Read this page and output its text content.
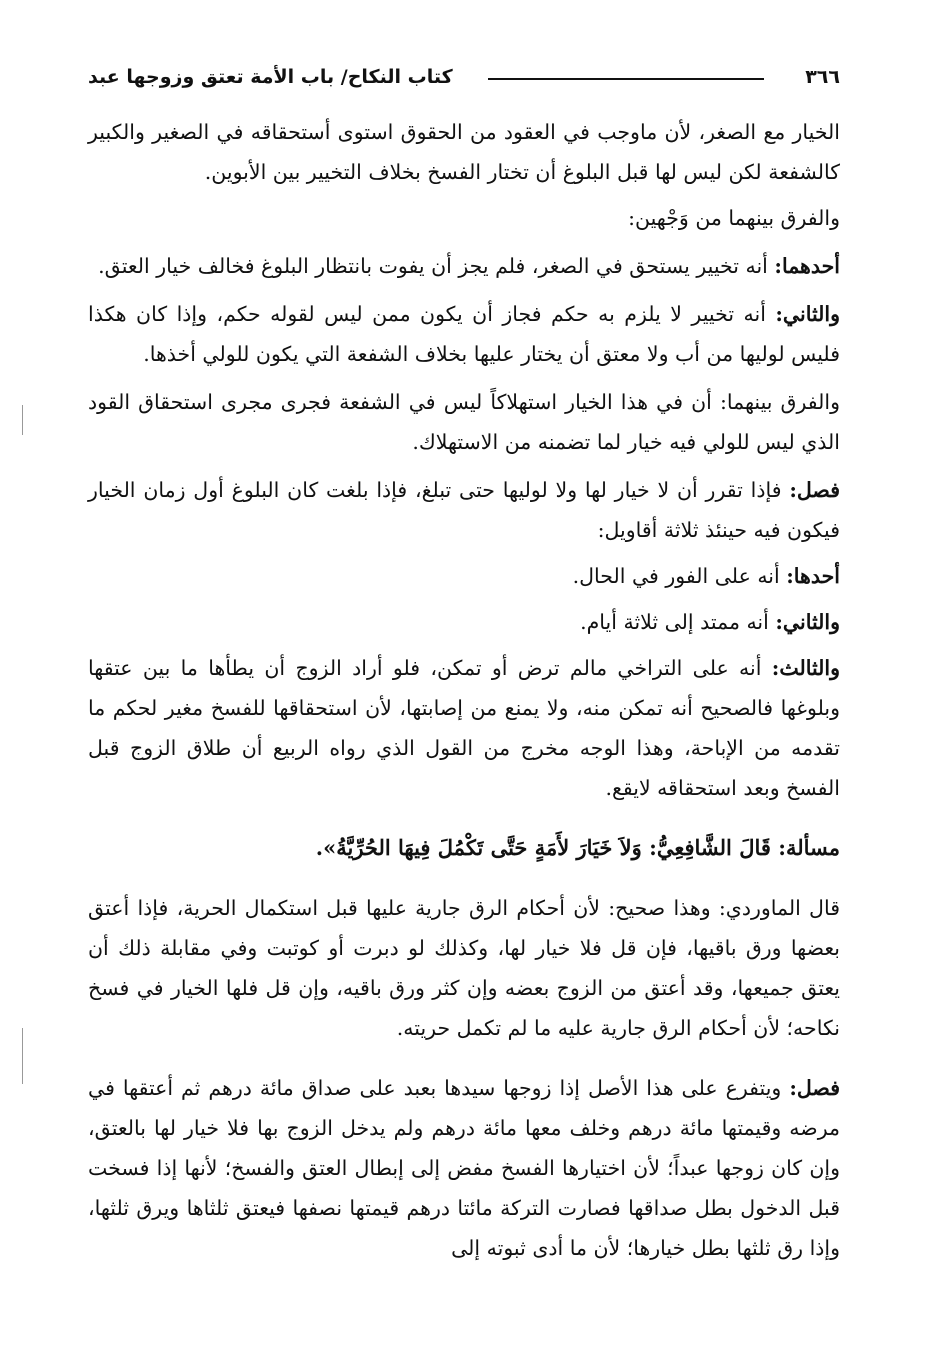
٣٦٦
كتاب النكاح/ باب الأمة تعتق وزوجها عبد

الخيار مع الصغر، لأن ماوجب في العقود من الحقوق استوى أستحقاقه في الصغير والكبير كالشفعة لكن ليس لها قبل البلوغ أن تختار الفسخ بخلاف التخيير بين الأبوين.

والفرق بينهما من وَجْهين:

أحدهما: أنه تخيير يستحق في الصغر، فلم يجز أن يفوت بانتظار البلوغ فخالف خيار العتق.

والثاني: أنه تخيير لا يلزم به حكم فجاز أن يكون ممن ليس لقوله حكم، وإذا كان هكذا فليس لوليها من أب ولا معتق أن يختار عليها بخلاف الشفعة التي يكون للولي أخذها.

والفرق بينهما: أن في هذا الخيار استهلاكاً ليس في الشفعة فجرى مجرى استحقاق القود الذي ليس للولي فيه خيار لما تضمنه من الاستهلاك.

فصل: فإذا تقرر أن لا خيار لها ولا لوليها حتى تبلغ، فإذا بلغت كان البلوغ أول زمان الخيار فيكون فيه حينئذ ثلاثة أقاويل:

أحدها: أنه على الفور في الحال.

والثاني: أنه ممتد إلى ثلاثة أيام.

والثالث: أنه على التراخي مالم ترض أو تمكن، فلو أراد الزوج أن يطأها ما بين عتقها وبلوغها فالصحيح أنه تمكن منه، ولا يمنع من إصابتها، لأن استحقاقها للفسخ مغير لحكم ما تقدمه من الإباحة، وهذا الوجه مخرج من القول الذي رواه الربيع أن طلاق الزوج قبل الفسخ وبعد استحقاقه لايقع.

مسألة: قَالَ الشَّافِعِيُّ: وَلاَ خَيَارَ لأَمَةٍ حَتَّى تَكْمُلَ فِيهَا الحُرِّيَّةُ».

قال الماوردي: وهذا صحيح: لأن أحكام الرق جارية عليها قبل استكمال الحرية، فإذا أعتق بعضها ورق باقيها، فإن قل فلا خيار لها، وكذلك لو دبرت أو كوتبت وفي مقابلة ذلك أن يعتق جميعها، وقد أعتق من الزوج بعضه وإن كثر ورق باقيه، وإن قل فلها الخيار في فسخ نكاحه؛ لأن أحكام الرق جارية عليه ما لم تكمل حريته.

فصل: ويتفرع على هذا الأصل إذا زوجها سيدها بعبد على صداق مائة درهم ثم أعتقها في مرضه وقيمتها مائة درهم وخلف معها مائة درهم ولم يدخل الزوج بها فلا خيار لها بالعتق، وإن كان زوجها عبداً؛ لأن اختيارها الفسخ مفض إلى إبطال العتق والفسخ؛ لأنها إذا فسخت قبل الدخول بطل صداقها فصارت التركة مائتا درهم قيمتها نصفها فيعتق ثلثاها ويرق ثلثها، وإذا رق ثلثها بطل خيارها؛ لأن ما أدى ثبوته إلى
